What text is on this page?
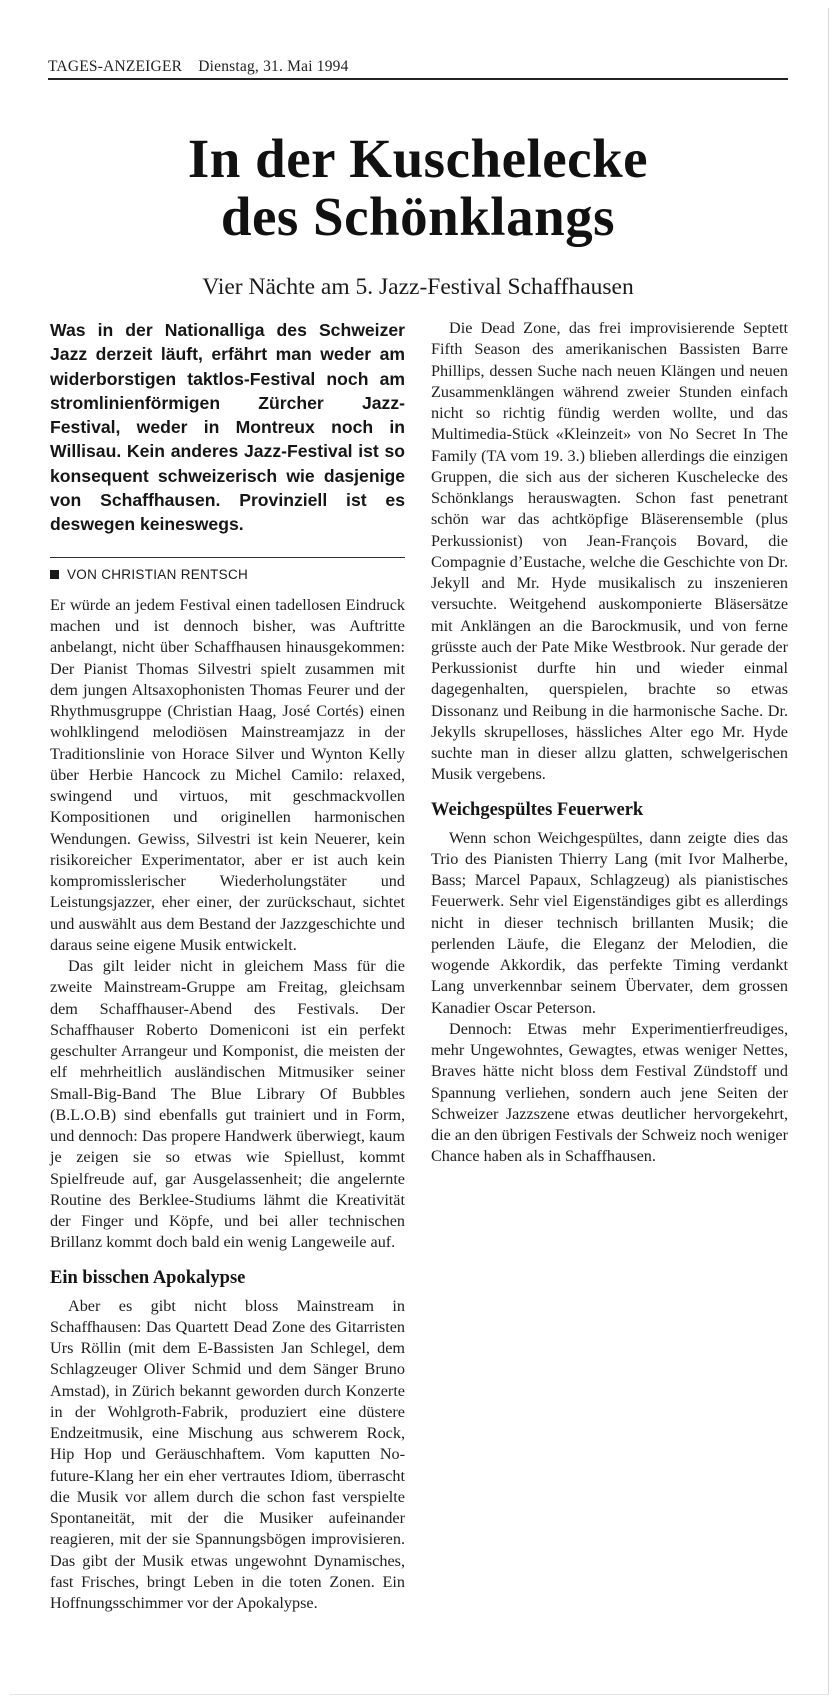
TAGES-ANZEIGER Dienstag, 31. Mai 1994
In der Kuschelecke
des Schönklangs
Vier Nächte am 5. Jazz-Festival Schaffhausen

Was in der Nationalliga des Schweizer Jazz derzeit läuft, erfährt man weder am widerborstigen taktlos-Festival noch am stromlinienförmigen Zürcher Jazz-Festival, weder in Montreux noch in Willisau. Kein anderes Jazz-Festival ist so konsequent schweizerisch wie dasjenige von Schaffhausen. Provinziell ist es deswegen keineswegs.

VON CHRISTIAN RENTSCH

Er würde an jedem Festival einen tadellosen Eindruck machen und ist dennoch bisher, was Auftritte anbelangt, nicht über Schaffhausen hinausgekommen: Der Pianist Thomas Silvestri spielt zusammen mit dem jungen Altsaxophonisten Thomas Feurer und der Rhythmusgruppe (Christian Haag, José Cortés) einen wohlklingend melodiösen Mainstreamjazz in der Traditionslinie von Horace Silver und Wynton Kelly über Herbie Hancock zu Michel Camilo: relaxed, swingend und virtuos, mit geschmackvollen Kompositionen und originellen harmonischen Wendungen. Gewiss, Silvestri ist kein Neuerer, kein risikoreicher Experimentator, aber er ist auch kein kompromisslerischer Wiederholungstäter und Leistungsjazzer, eher einer, der zurückschaut, sichtet und auswählt aus dem Bestand der Jazzgeschichte und daraus seine eigene Musik entwickelt.

Das gilt leider nicht in gleichem Mass für die zweite Mainstream-Gruppe am Freitag, gleichsam dem Schaffhauser-Abend des Festivals. Der Schaffhauser Roberto Domeniconi ist ein perfekt geschulter Arrangeur und Komponist, die meisten der elf mehrheitlich ausländischen Mitmusiker seiner Small-Big-Band The Blue Library Of Bubbles (B.L.O.B) sind ebenfalls gut trainiert und in Form, und dennoch: Das propere Handwerk überwiegt, kaum je zeigen sie so etwas wie Spiellust, kommt Spielfreude auf, gar Ausgelassenheit; die angelernte Routine des Berklee-Studiums lähmt die Kreativität der Finger und Köpfe, und bei aller technischen Brillanz kommt doch bald ein wenig Langeweile auf.

Ein bisschen Apokalypse

Aber es gibt nicht bloss Mainstream in Schaffhausen: Das Quartett Dead Zone des Gitarristen Urs Röllin (mit dem E-Bassisten Jan Schlegel, dem Schlagzeuger Oliver Schmid und dem Sänger Bruno Amstad), in Zürich bekannt geworden durch Konzerte in der Wohlgroth-Fabrik, produziert eine düstere Endzeitmusik, eine Mischung aus schwerem Rock, Hip Hop und Geräuschhaftem. Vom kaputten No-future-Klang her ein eher vertrautes Idiom, überrascht die Musik vor allem durch die schon fast verspielte Spontaneität, mit der die Musiker aufeinander reagieren, mit der sie Spannungsbögen improvisieren. Das gibt der Musik etwas ungewohnt Dynamisches, fast Frisches, bringt Leben in die toten Zonen. Ein Hoffnungsschimmer vor der Apokalypse.

Die Dead Zone, das frei improvisierende Septett Fifth Season des amerikanischen Bassisten Barre Phillips, dessen Suche nach neuen Klängen und neuen Zusammenklängen während zweier Stunden einfach nicht so richtig fündig werden wollte, und das Multimedia-Stück «Kleinzeit» von No Secret In The Family (TA vom 19. 3.) blieben allerdings die einzigen Gruppen, die sich aus der sicheren Kuschelecke des Schönklangs herauswagten. Schon fast penetrant schön war das achtköpfige Bläserensemble (plus Perkussionist) von Jean-François Bovard, die Compagnie d’Eustache, welche die Geschichte von Dr. Jekyll and Mr. Hyde musikalisch zu inszenieren versuchte. Weitgehend auskomponierte Bläsersätze mit Anklängen an die Barockmusik, und von ferne grüsste auch der Pate Mike Westbrook. Nur gerade der Perkussionist durfte hin und wieder einmal dagegenhalten, querspielen, brachte so etwas Dissonanz und Reibung in die harmonische Sache. Dr. Jekylls skrupelloses, hässliches Alter ego Mr. Hyde suchte man in dieser allzu glatten, schwelgerischen Musik vergebens.

Weichgespültes Feuerwerk

Wenn schon Weichgespültes, dann zeigte dies das Trio des Pianisten Thierry Lang (mit Ivor Malherbe, Bass; Marcel Papaux, Schlagzeug) als pianistisches Feuerwerk. Sehr viel Eigenständiges gibt es allerdings nicht in dieser technisch brillanten Musik; die perlenden Läufe, die Eleganz der Melodien, die wogende Akkordik, das perfekte Timing verdankt Lang unverkennbar seinem Übervater, dem grossen Kanadier Oscar Peterson.

Dennoch: Etwas mehr Experimentierfreudiges, mehr Ungewohntes, Gewagtes, etwas weniger Nettes, Braves hätte nicht bloss dem Festival Zündstoff und Spannung verliehen, sondern auch jene Seiten der Schweizer Jazzszene etwas deutlicher hervorgekehrt, die an den übrigen Festivals der Schweiz noch weniger Chance haben als in Schaffhausen.
